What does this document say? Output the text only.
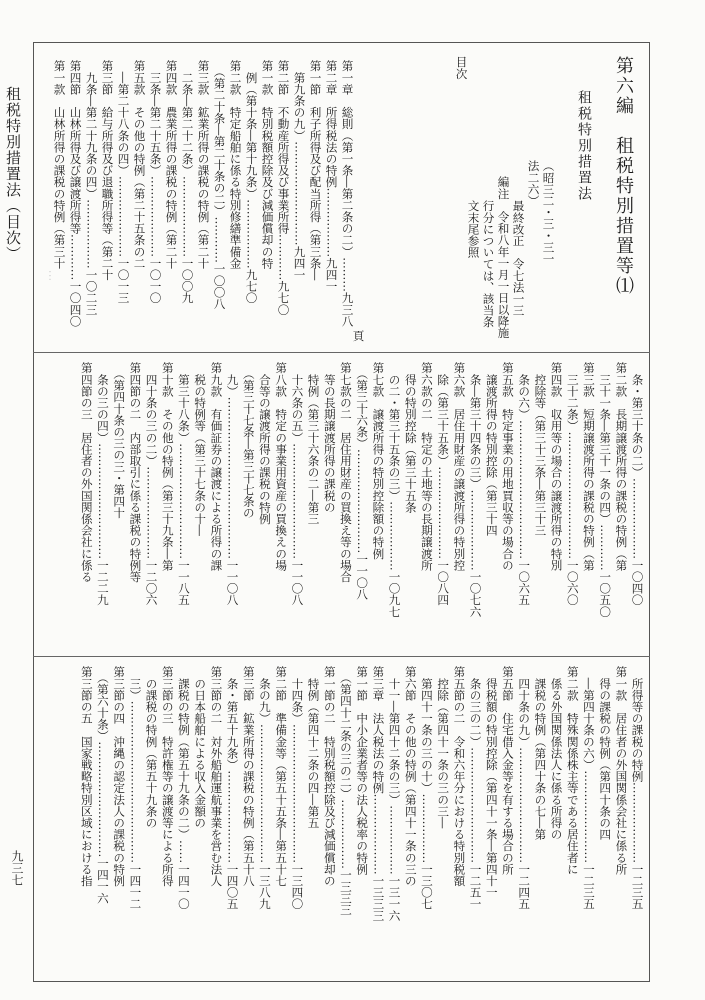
租税特別措置法（目次）
九三七
︙	第六編　租税特別措置等⑴
租税特別措置法
（昭三二・三・三一
法二六）
最終改正　令七法一三
編注　令和八年一月一日以降施
行分については、該当条
文末尾参照
目次
頁
第一章　総則（第一条―第二条の二）………九三八
第二章　所得税法の特例………………九四一
第一節　利子所得及び配当所得（第三条―
　第九条の九）………………………九四一
第二節　不動産所得及び事業所得…………九七〇
第一款　特別税額控除及び減価償却の特
　例（第十条―第十九条）………………九七〇
第二款　特定船舶に係る特別修繕準備金
　（第二十条―第二十条の二）…………一〇〇八
第三款　鉱業所得の課税の特例（第二十
　二条―第二十二条）…………………一〇〇九
第四款　農業所得の課税の特例（第二十
　三条―第二十五条）…………………一〇一〇
第五款　その他の特例（第二十五条の二
　―第二十八条の四）…………………一〇一三
第三節　給与所得及び退職所得等（第二十
　九条―第二十九条の四）………………一〇二三
第四節　山林所得及び譲渡所得等…………一〇四〇
第一款　山林所得の課税の特例（第三十
　条・第三十条の二）…………………一〇四〇
第二款　長期譲渡所得の課税の特例（第
　三十一条―第三十一条の四）…………一〇五〇
第三款　短期譲渡所得の課税の特例（第
　三十二条）……………………………一〇六〇
第四款　収用等の場合の譲渡所得の特別
　控除等（第三十三条―第三十三
　条の六）………………………………一〇六五
第五款　特定事業の用地買収等の場合の
　譲渡所得の特別控除（第三十四
　条―第三十四条の三）…………………一〇七六
第六款　居住用財産の譲渡所得の特別控
　除（第三十五条）……………………一〇八四
第六款の二　特定の土地等の長期譲渡所
　得の特別控除（第三十五条
　の二・第三十五条の三）………………一〇九七
第七款　譲渡所得の特別控除額の特例
　（第三十六条）………………………一一〇八
第七款の二　居住用財産の買換え等の場合
　等の長期譲渡所得の課税の
　特例（第三十六条の二―第三
　十六条の五）…………………………一一〇八
第八款　特定の事業用資産の買換えの場
　合等の譲渡所得の課税の特例
　（第三十七条―第三十七条の
　九）……………………………………一一〇八
第九款　有価証券の譲渡による所得の課
　税の特例等（第三十七条の十―
　第三十八条）…………………………一一八五
第十款　その他の特例（第三十九条―第
　四十条の三の二）……………………一二〇六
第四節の二　内部取引に係る課税の特例等
　（第四十条の三の三・第四十
　条の三の四）…………………………一二二九
第四節の三　居住者の外国関係会社に係る
　所得等の課税の特例…………………一二三五
第一款　居住者の外国関係会社に係る所
　得の課税の特例（第四十条の四
　―第四十条の六）……………………一二三五
第二款　特殊関係株主等である居住者に
　係る外国関係法人に係る所得の
　課税の特例（第四十条の七―第
　四十条の九）…………………………一二四五
第五節　住宅借入金等を有する場合の所
　得税額の特別控除（第四十一条―第四十一
　条の三の二）…………………………一二五一
第五節の二　令和六年分における特別税額
　控除（第四十一条の三の三―
　第四十一条の三の十）………………一三〇七
第六節　その他の特例（第四十一条の三の
　十一―第四十二条の三）………………一三一六
第三章　法人税法の特例…………………一三三三
第一節　中小企業者等の法人税率の特例
　（第四十二条の三の二）………………一三三三
第一節の二　特別税額控除及び減価償却の
　特例（第四十二条の四―第五
　十四条）………………………………一三四〇
第二節　準備金等（第五十五条―第五十七
　条の九）………………………………一三八九
第三節　鉱業所得の課税の特例（第五十八
　条・第五十九条）……………………一四〇五
第三節の二　対外船舶運航事業を営む法人
　の日本船舶による収入金額の
　課税の特例（第五十九条の二）……一四一〇
第三節の三　特許権等の譲渡等による所得
　の課税の特例（第五十九条の
　三）……………………………………一四一二
第三節の四　沖縄の認定法人の課税の特例
　（第六十条）…………………………一四一六
第三節の五　国家戦略特別区域における指
